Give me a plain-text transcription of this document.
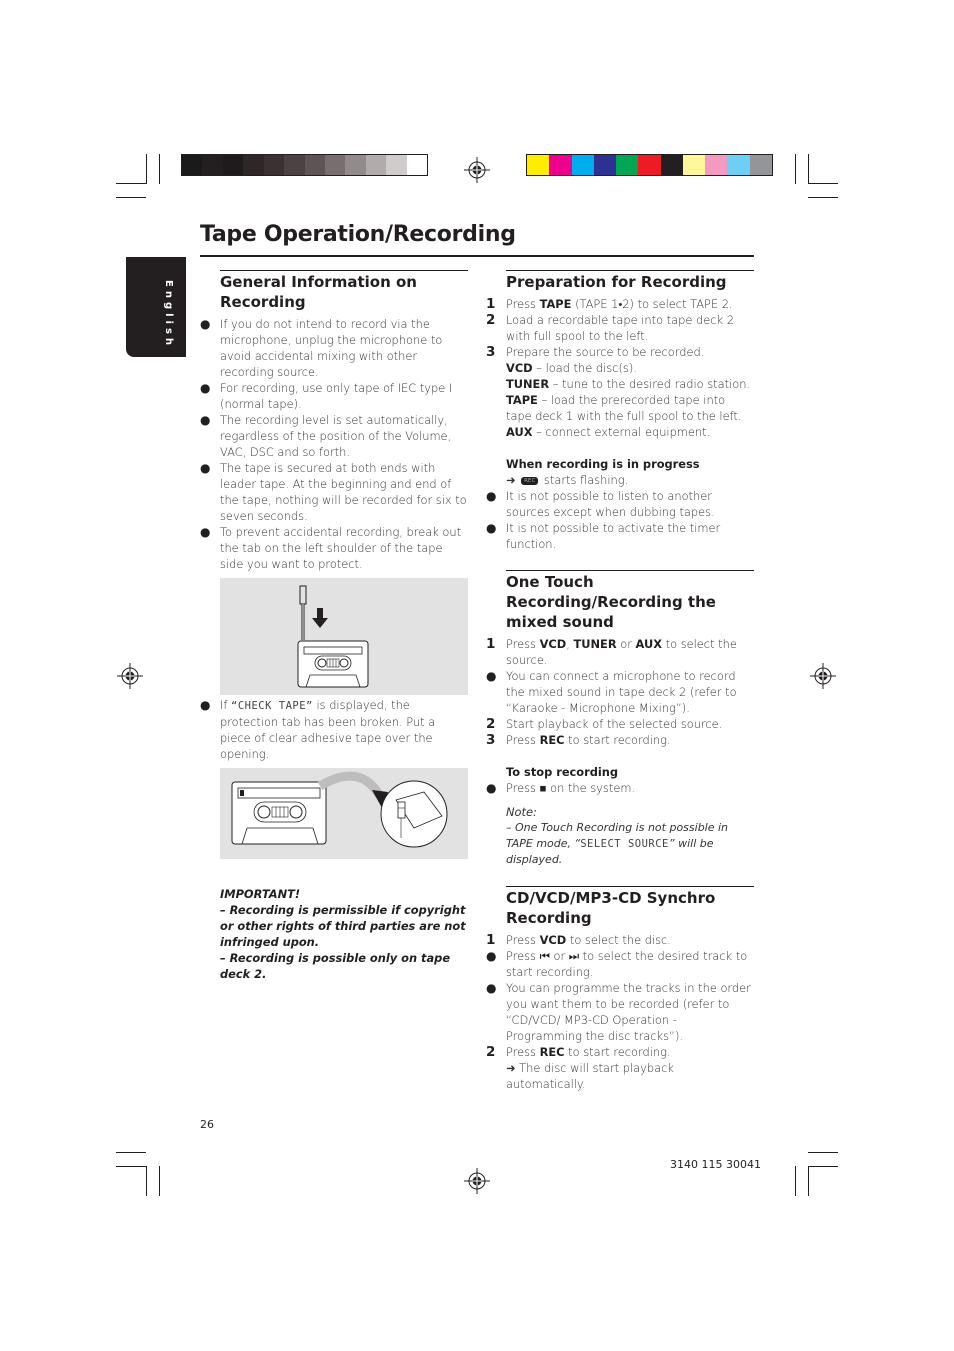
Tape Operation/Recording
English	General Information on Recording
● If you do not intend to record via the microphone, unplug the microphone to avoid accidental mixing with other recording source.
● For recording, use only tape of IEC type I (normal tape).
● The recording level is set automatically, regardless of the position of the Volume, VAC, DSC and so forth.
● The tape is secured at both ends with leader tape. At the beginning and end of the tape, nothing will be recorded for six to seven seconds.
● To prevent accidental recording, break out the tab on the left shoulder of the tape side you want to protect.
● If “CHECK TAPE” is displayed, the protection tab has been broken. Put a piece of clear adhesive tape over the opening.
IMPORTANT!
– Recording is permissible if copyright or other rights of third parties are not infringed upon.
– Recording is possible only on tape deck 2.
Preparation for Recording
1 Press TAPE (TAPE 1•2) to select TAPE 2.
2 Load a recordable tape into tape deck 2 with full spool to the left.
3 Prepare the source to be recorded.
VCD – load the disc(s).
TUNER – tune to the desired radio station.
TAPE – load the prerecorded tape into tape deck 1 with the full spool to the left.
AUX – connect external equipment.
When recording is in progress
➜ REC starts flashing.
● It is not possible to listen to another sources except when dubbing tapes.
● It is not possible to activate the timer function.
One Touch Recording/Recording the mixed sound
1 Press VCD, TUNER or AUX to select the source.
● You can connect a microphone to record the mixed sound in tape deck 2 (refer to “Karaoke - Microphone Mixing”).
2 Start playback of the selected source.
3 Press REC to start recording.
To stop recording
● Press ■ on the system.
Note:
– One Touch Recording is not possible in TAPE mode, “SELECT SOURCE” will be displayed.
CD/VCD/MP3-CD Synchro Recording
1 Press VCD to select the disc.
● Press ⏮ or ⏭ to select the desired track to start recording.
● You can programme the tracks in the order you want them to be recorded (refer to “CD/VCD/ MP3-CD Operation - Programming the disc tracks”).
2 Press REC to start recording.
➜ The disc will start playback automatically.
26
3140 115 30041
